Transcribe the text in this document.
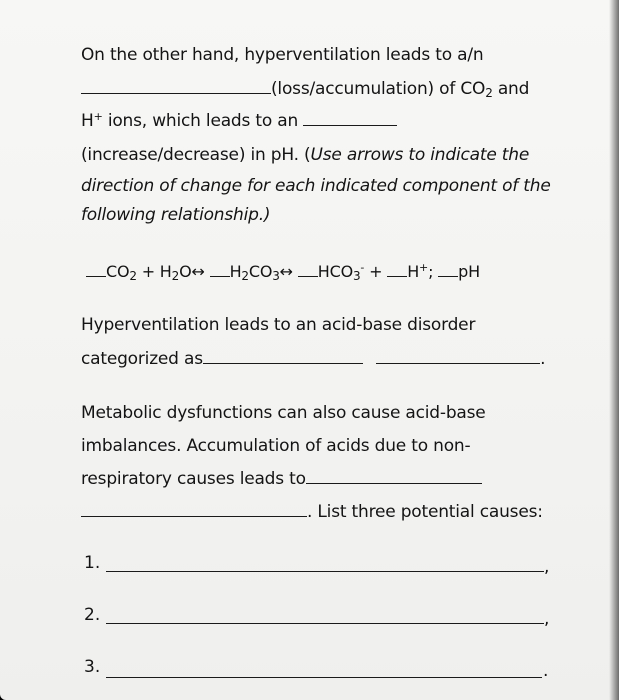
On the other hand, hyperventilation leads to a/n
(loss/accumulation) of $CO_2$ and
H+ ions, which leads to an
(increase/decrease) in pH. (Use arrows to indicate the
direction of change for each indicated component of the
following relationship.)
$CO_2$ + $H_2O\leftrightarrow$ $H_2CO_3\leftrightarrow$ $HCO_3^- + H^+$; pH
Hyperventilation leads to an acid-base disorder
categorized as	.
Metabolic dysfunctions can also cause acid-base
imbalances. Accumulation of acids due to non-
respiratory causes leads to
. List three potential causes:
1.	,
2.	,
3.	.
